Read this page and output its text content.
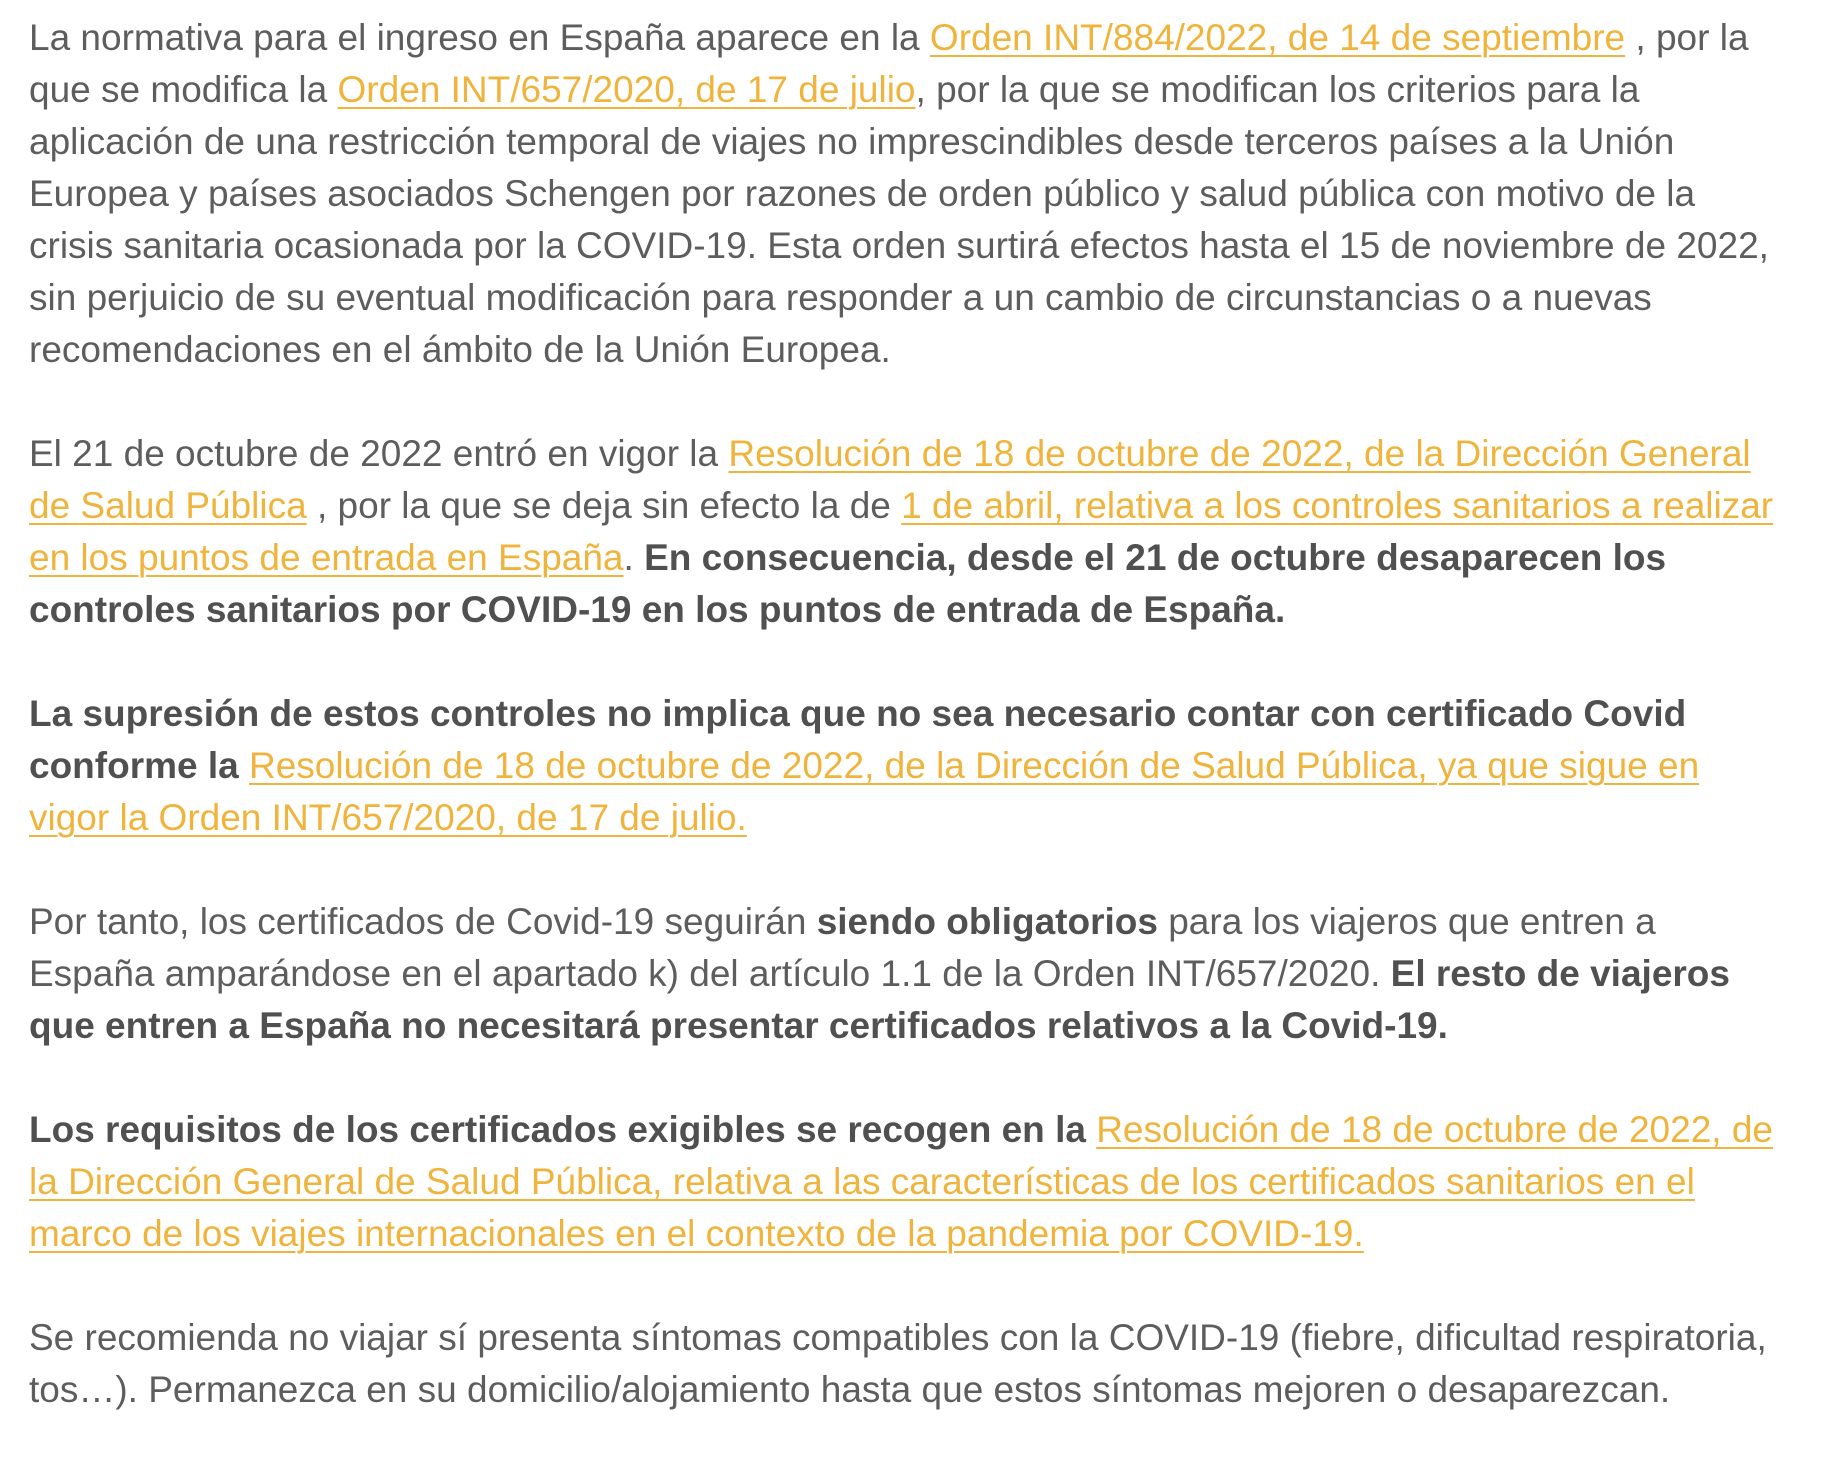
La normativa para el ingreso en España aparece en la Orden INT/884/2022, de 14 de septiembre , por la que se modifica la Orden INT/657/2020, de 17 de julio, por la que se modifican los criterios para la aplicación de una restricción temporal de viajes no imprescindibles desde terceros países a la Unión Europea y países asociados Schengen por razones de orden público y salud pública con motivo de la crisis sanitaria ocasionada por la COVID-19. Esta orden surtirá efectos hasta el 15 de noviembre de 2022, sin perjuicio de su eventual modificación para responder a un cambio de circunstancias o a nuevas recomendaciones en el ámbito de la Unión Europea.

El 21 de octubre de 2022 entró en vigor la Resolución de 18 de octubre de 2022, de la Dirección General de Salud Pública , por la que se deja sin efecto la de 1 de abril, relativa a los controles sanitarios a realizar en los puntos de entrada en España. En consecuencia, desde el 21 de octubre desaparecen los controles sanitarios por COVID-19 en los puntos de entrada de España.

La supresión de estos controles no implica que no sea necesario contar con certificado Covid conforme la Resolución de 18 de octubre de 2022, de la Dirección de Salud Pública, ya que sigue en vigor la Orden INT/657/2020, de 17 de julio.

Por tanto, los certificados de Covid-19 seguirán siendo obligatorios para los viajeros que entren a España amparándose en el apartado k) del artículo 1.1 de la Orden INT/657/2020. El resto de viajeros que entren a España no necesitará presentar certificados relativos a la Covid-19.

Los requisitos de los certificados exigibles se recogen en la Resolución de 18 de octubre de 2022, de la Dirección General de Salud Pública, relativa a las características de los certificados sanitarios en el marco de los viajes internacionales en el contexto de la pandemia por COVID-19.

Se recomienda no viajar sí presenta síntomas compatibles con la COVID-19 (fiebre, dificultad respiratoria, tos…). Permanezca en su domicilio/alojamiento hasta que estos síntomas mejoren o desaparezcan.
